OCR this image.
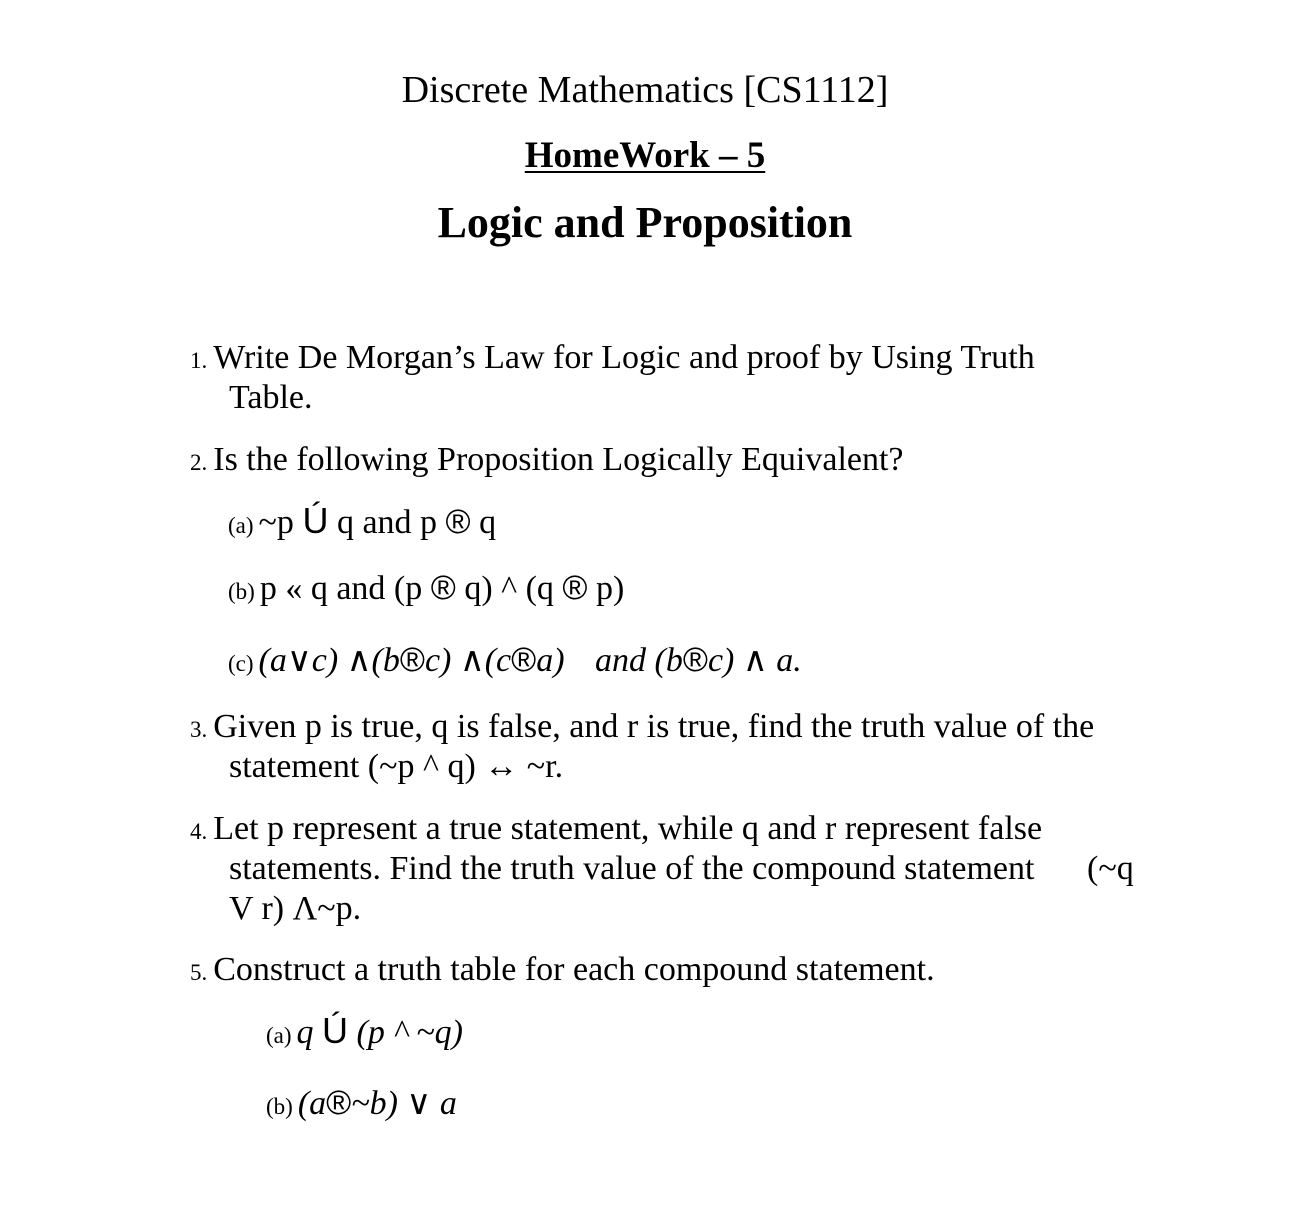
Discrete Mathematics [CS1112]
HomeWork – 5
Logic and Proposition
1. Write De Morgan’s Law for Logic and proof by Using Truth
Table.
2. Is the following Proposition Logically Equivalent?
(a) ~p Ú q and p ® q
(b) p « q and (p ® q) ^ (q ® p)
(c) (a∨c) ∧(b®c) ∧(c®a) and (b®c) ∧ a.
3. Given p is true, q is false, and r is true, find the truth value of the
statement (~p ^ q) ↔ ~r.
4. Let p represent a true statement, while q and r represent false
statements. Find the truth value of the compound statement (~q
V r) Λ~p.
5. Construct a truth table for each compound statement.
(a) q Ú (p ^ ~q)
(b) (a®~b) ∨ a
